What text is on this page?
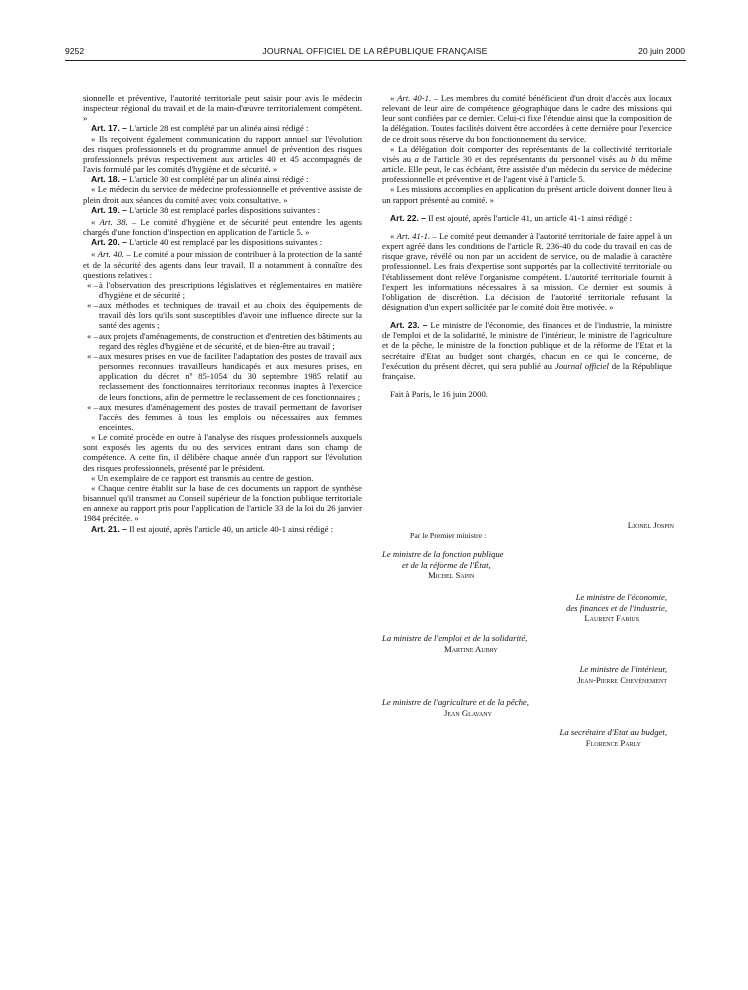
9252	JOURNAL OFFICIEL DE LA RÉPUBLIQUE FRANÇAISE	20 juin 2000

sionnelle et préventive, l'autorité territoriale peut saisir pour avis le médecin inspecteur régional du travail et de la main-d'œuvre territorialement compétent. »

Art. 17. – L'article 28 est complété par un alinéa ainsi rédigé :

« Ils reçoivent également communication du rapport annuel sur l'évolution des risques professionnels et du programme annuel de prévention des risques professionnels prévus respectivement aux articles 40 et 45 accompagnés de l'avis formulé par les comités d'hygiène et de sécurité. »

Art. 18. – L'article 30 est complété par un alinéa ainsi rédigé :

« Le médecin du service de médecine professionnelle et préventive assiste de plein droit aux séances du comité avec voix consultative. »

Art. 19. – L'article 38 est remplacé parles dispositions suivantes :

« Art. 38. – Le comité d'hygiène et de sécurité peut entendre les agents chargés d'une fonction d'inspection en application de l'article 5. »

Art. 20. – L'article 40 est remplacé par les dispositions suivantes :

« Art. 40. – Le comité a pour mission de contribuer à la protection de la santé et de la sécurité des agents dans leur travail. Il a notamment à connaître des questions relatives :

« – à l'observation des prescriptions législatives et réglementaires en matière d'hygiène et de sécurité ;

« – aux méthodes et techniques de travail et au choix des équipements de travail dès lors qu'ils sont susceptibles d'avoir une influence directe sur la santé des agents ;

« – aux projets d'aménagements, de construction et d'entretien des bâtiments au regard des règles d'hygiène et de sécurité, et de bien-être au travail ;

« – aux mesures prises en vue de faciliter l'adaptation des postes de travail aux personnes reconnues travailleurs handicapés et aux mesures prises, en application du décret nº 85-1054 du 30 septembre 1985 relatif au reclassement des fonctionnaires territoriaux reconnus inaptes à l'exercice de leurs fonctions, afin de permettre le reclassement de ces fonctionnaires ;

« – aux mesures d'aménagement des postes de travail permettant de favoriser l'accès des femmes à tous les emplois ou nécessaires aux femmes enceintes.

« Le comité procède en outre à l'analyse des risques professionnels auxquels sont exposés les agents du ou des services entrant dans son champ de compétence. A cette fin, il délibère chaque année d'un rapport sur l'évolution des risques professionnels, présenté par le président.

« Un exemplaire de ce rapport est transmis au centre de gestion.

« Chaque centre établit sur la base de ces documents un rapport de synthèse bisannuel qu'il transmet au Conseil supérieur de la fonction publique territoriale en annexe au rapport pris pour l'application de l'article 33 de la loi du 26 janvier 1984 précitée. »

Art. 21. – Il est ajouté, après l'article 40, un article 40-1 ainsi rédigé :

« Art. 40-1. – Les membres du comité bénéficient d'un droit d'accès aux locaux relevant de leur aire de compétence géographique dans le cadre des missions qui leur sont confiées par ce dernier. Celui-ci fixe l'étendue ainsi que la composition de la délégation. Toutes facilités doivent être accordées à cette dernière pour l'exercice de ce droit sous réserve du bon fonctionnement du service.

« La délégation doit comporter des représentants de la collectivité territoriale visés au a de l'article 30 et des représentants du personnel visés au b du même article. Elle peut, le cas échéant, être assistée d'un médecin du service de médecine professionnelle et préventive et de l'agent visé à l'article 5.

« Les missions accomplies en application du présent article doivent donner lieu à un rapport présenté au comité. »

Art. 22. – Il est ajouté, après l'article 41, un article 41-1 ainsi rédigé :

« Art. 41-1. – Le comité peut demander à l'autorité territoriale de faire appel à un expert agréé dans les conditions de l'article R. 236-40 du code du travail en cas de risque grave, révélé ou non par un accident de service, ou de maladie à caractère professionnel. Les frais d'expertise sont supportés par la collectivité territoriale ou l'établissement dont relève l'organisme compétent. L'autorité territoriale fournit à l'expert les informations nécessaires à sa mission. Ce dernier est soumis à l'obligation de discrétion. La décision de l'autorité territoriale refusant la désignation d'un expert sollicitée par le comité doit être motivée. »

Art. 23. – Le ministre de l'économie, des finances et de l'industrie, la ministre de l'emploi et de la solidarité, le ministre de l'intérieur, le ministre de l'agriculture et de la pêche, le ministre de la fonction publique et de la réforme de l'Etat et la secrétaire d'Etat au budget sont chargés, chacun en ce qui le concerne, de l'exécution du présent décret, qui sera publié au Journal officiel de la République française.

Fait à Paris, le 16 juin 2000.

Lionel Jospin
Par le Premier ministre :
Le ministre de la fonction publique
et de la réforme de l'État,
Michel Sapin
Le ministre de l'économie,
des finances et de l'industrie,
Laurent Fabius
La ministre de l'emploi et de la solidarité,
Martine Aubry
Le ministre de l'intérieur,
Jean-Pierre Chevènement
Le ministre de l'agriculture et de la pêche,
Jean Glavany
La secrétaire d'Etat au budget,
Florence Parly
